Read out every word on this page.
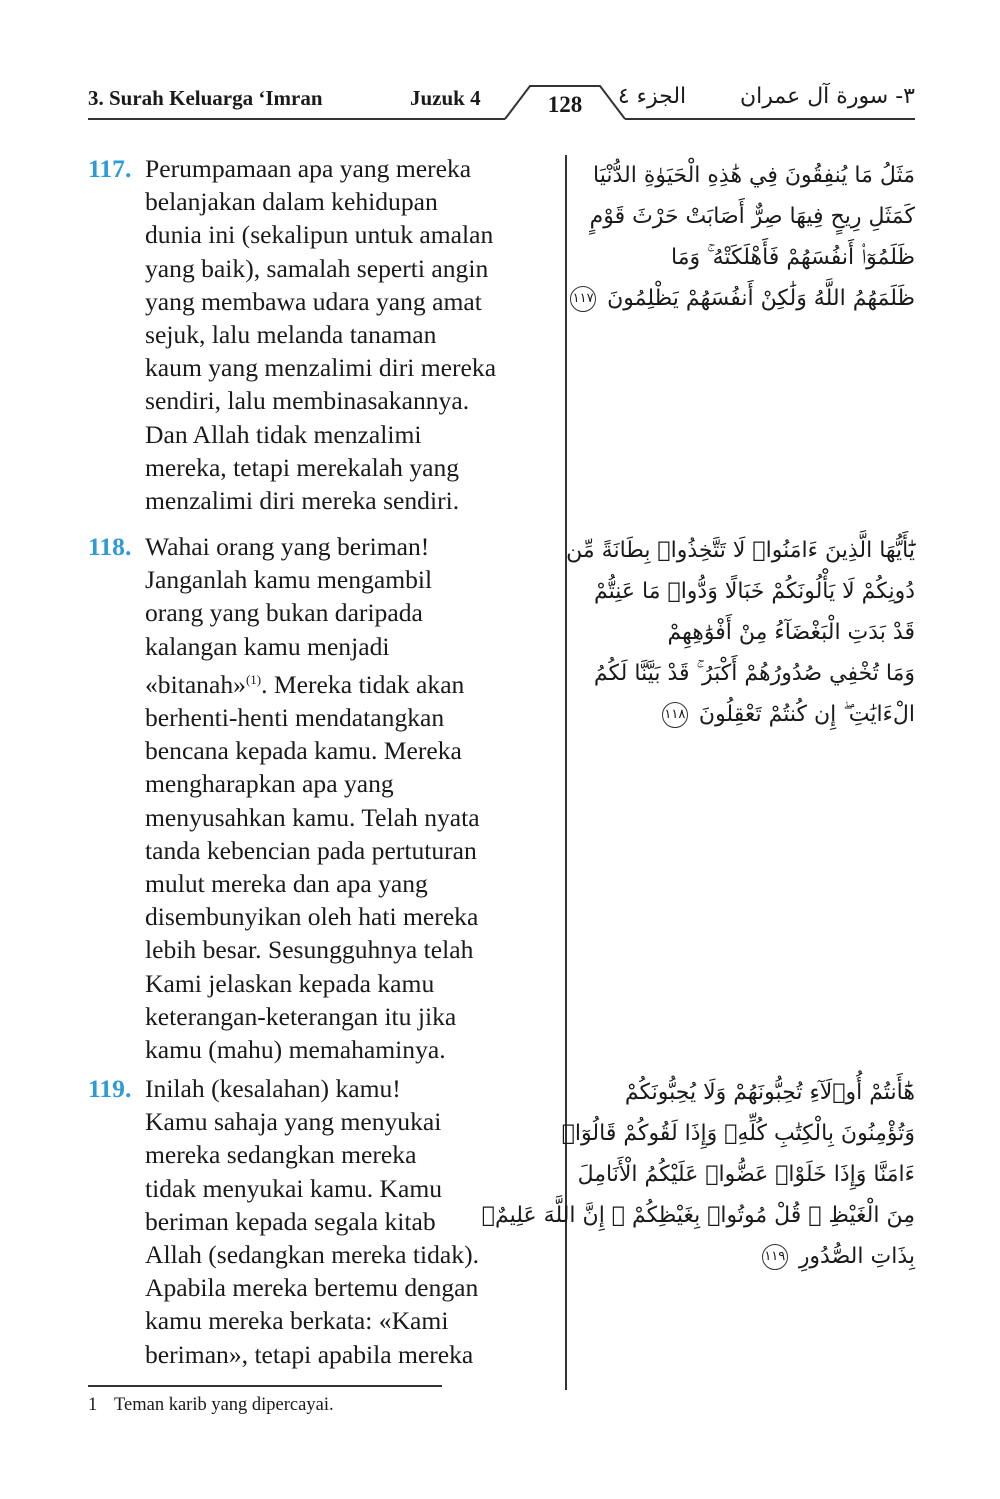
3. Surah Keluarga ‘Imran	Juzuk 4	128	الجزء ٤	٣- سورة آل عمران
117. Perumpamaan apa yang mereka
belanjakan dalam kehidupan
dunia ini (sekalipun untuk amalan
yang baik), samalah seperti angin
yang membawa udara yang amat
sejuk, lalu melanda tanaman
kaum yang menzalimi diri mereka
sendiri, lalu membinasakannya.
Dan Allah tidak menzalimi
mereka, tetapi merekalah yang
menzalimi diri mereka sendiri.
مَثَلُ مَا يُنفِقُونَ فِي هَٰذِهِ الْحَيَوٰةِ الدُّنْيَا
كَمَثَلِ رِيحٍ فِيهَا صِرٌّ أَصَابَتْ حَرْثَ قَوْمٍ
ظَلَمُوٓا۟ أَنفُسَهُمْ فَأَهْلَكَتْهُ ۚ وَمَا
ظَلَمَهُمُ اللَّهُ وَلَٰكِنْ أَنفُسَهُمْ يَظْلِمُونَ ١١٧
118. Wahai orang yang beriman!
Janganlah kamu mengambil
orang yang bukan daripada
kalangan kamu menjadi
«bitanah»$^{(1)}$. Mereka tidak akan
berhenti-henti mendatangkan
bencana kepada kamu. Mereka
mengharapkan apa yang
menyusahkan kamu. Telah nyata
tanda kebencian pada pertuturan
mulut mereka dan apa yang
disembunyikan oleh hati mereka
lebih besar. Sesungguhnya telah
Kami jelaskan kepada kamu
keterangan-keterangan itu jika
kamu (mahu) memahaminya.
يَٰٓأَيُّهَا الَّذِينَ ءَامَنُوا۟ لَا تَتَّخِذُوا۟ بِطَانَةً مِّن
دُونِكُمْ لَا يَأْلُونَكُمْ خَبَالًا وَدُّوا۟ مَا عَنِتُّمْ
قَدْ بَدَتِ الْبَغْضَآءُ مِنْ أَفْوَٰهِهِمْ
وَمَا تُخْفِي صُدُورُهُمْ أَكْبَرُ ۚ قَدْ بَيَّنَّا لَكُمُ
الْءَايَٰتِ ۖ إِن كُنتُمْ تَعْقِلُونَ ١١٨
119. Inilah (kesalahan) kamu!
Kamu sahaja yang menyukai
mereka sedangkan mereka
tidak menyukai kamu. Kamu
beriman kepada segala kitab
Allah (sedangkan mereka tidak).
Apabila mereka bertemu dengan
kamu mereka berkata: «Kami
beriman», tetapi apabila mereka
هَٰٓأَنتُمْ أُو۟لَآءِ تُحِبُّونَهُمْ وَلَا يُحِبُّونَكُمْ
وَتُؤْمِنُونَ بِالْكِتَٰبِ كُلِّهِۦ وَإِذَا لَقُوكُمْ قَالُوٓا۟
ءَامَنَّا وَإِذَا خَلَوْا۟ عَضُّوا۟ عَلَيْكُمُ الْأَنَامِلَ
مِنَ الْغَيْظِ ۚ قُلْ مُوتُوا۟ بِغَيْظِكُمْ ۗ إِنَّ اللَّهَ عَلِيمٌۢ
بِذَاتِ الصُّدُورِ ١١٩
1 Teman karib yang dipercayai.
